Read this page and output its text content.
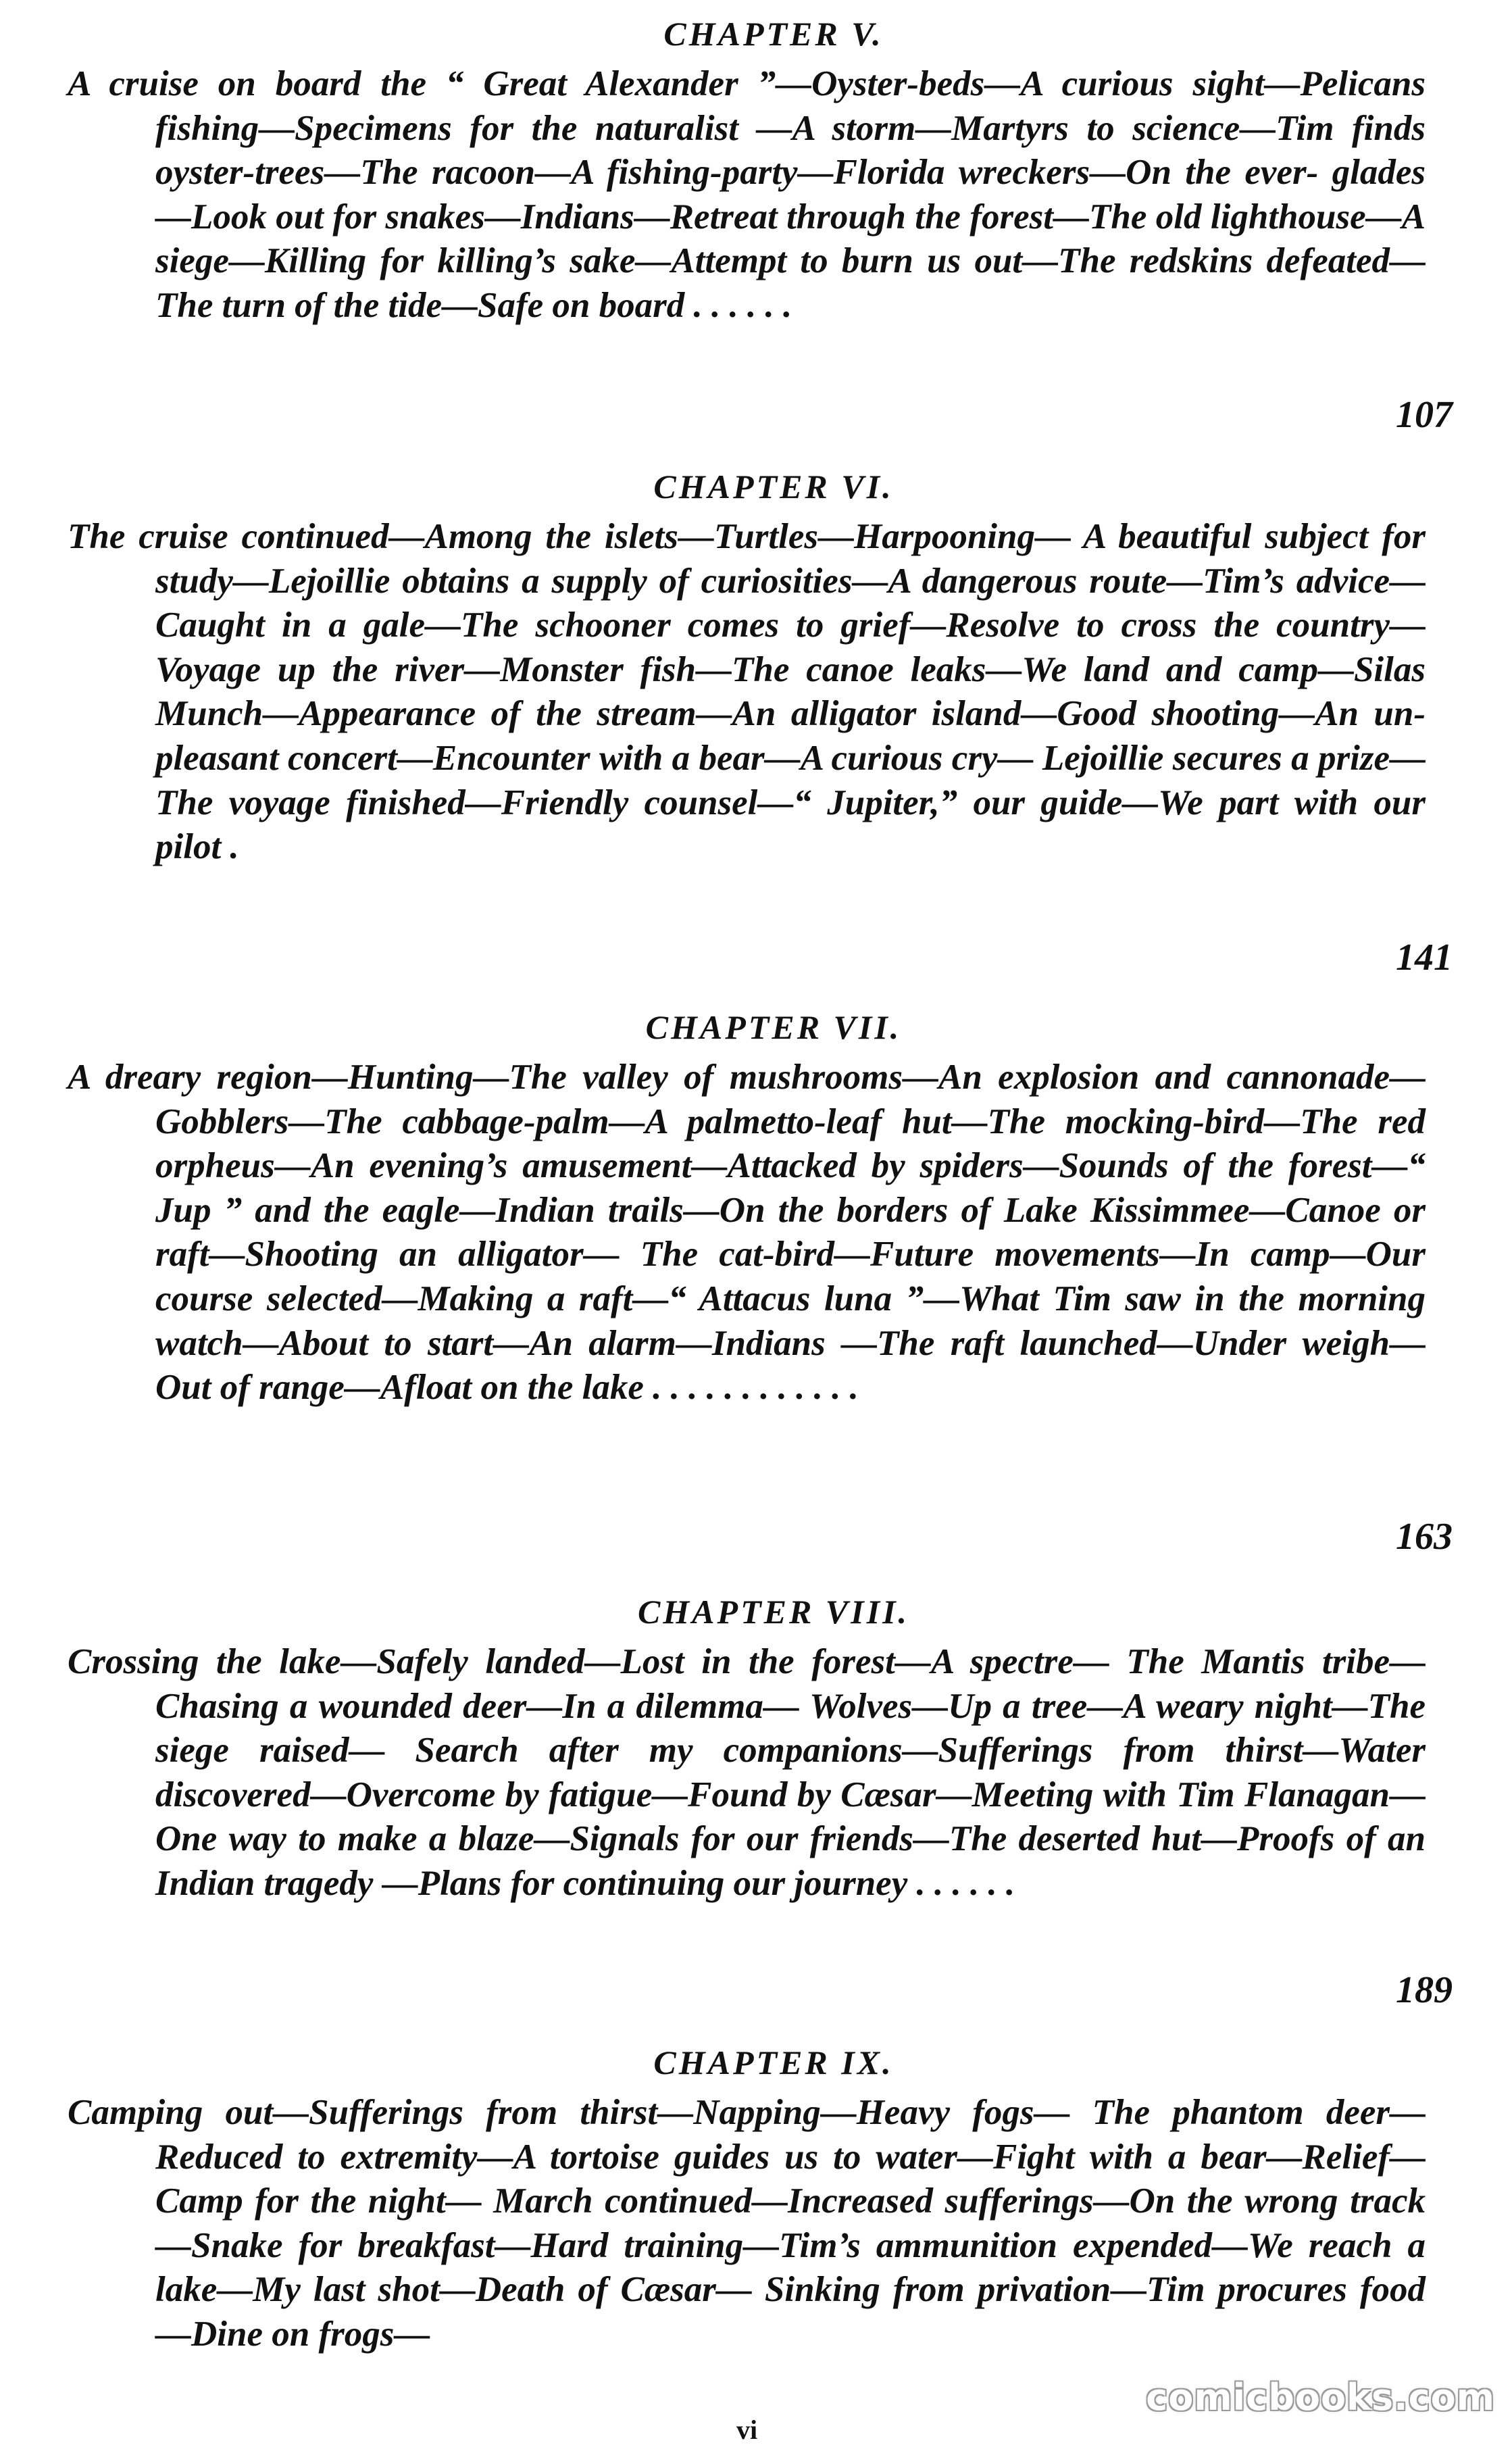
CHAPTER V.

A cruise on board the “ Great Alexander ”—Oyster-beds—A curious sight—Pelicans fishing—Specimens for the naturalist —A storm—Martyrs to science—Tim finds oyster-trees—The racoon—A fishing-party—Florida wreckers—On the ever- glades—Look out for snakes—Indians—Retreat through the forest—The old lighthouse—A siege—Killing for killing’s sake—Attempt to burn us out—The redskins defeated—The turn of the tide—Safe on board . . . . . .

107
CHAPTER VI.

The cruise continued—Among the islets—Turtles—Harpooning— A beautiful subject for study—Lejoillie obtains a supply of curiosities—A dangerous route—Tim’s advice—Caught in a gale—The schooner comes to grief—Resolve to cross the country—Voyage up the river—Monster fish—The canoe leaks—We land and camp—Silas Munch—Appearance of the stream—An alligator island—Good shooting—An un- pleasant concert—Encounter with a bear—A curious cry— Lejoillie secures a prize—The voyage finished—Friendly counsel—“ Jupiter,” our guide—We part with our pilot .

141
CHAPTER VII.

A dreary region—Hunting—The valley of mushrooms—An explosion and cannonade—Gobblers—The cabbage-palm—A palmetto-leaf hut—The mocking-bird—The red orpheus—An evening’s amusement—Attacked by spiders—Sounds of the forest—“ Jup ” and the eagle—Indian trails—On the borders of Lake Kissimmee—Canoe or raft—Shooting an alligator— The cat-bird—Future movements—In camp—Our course selected—Making a raft—“ Attacus luna ”—What Tim saw in the morning watch—About to start—An alarm—Indians —The raft launched—Under weigh—Out of range—Afloat on the lake . . . . . . . . . . . .

163
CHAPTER VIII.

Crossing the lake—Safely landed—Lost in the forest—A spectre— The Mantis tribe—Chasing a wounded deer—In a dilemma— Wolves—Up a tree—A weary night—The siege raised— Search after my companions—Sufferings from thirst—Water discovered—Overcome by fatigue—Found by Cæsar—Meeting with Tim Flanagan—One way to make a blaze—Signals for our friends—The deserted hut—Proofs of an Indian tragedy —Plans for continuing our journey . . . . . .

189
CHAPTER IX.

Camping out—Sufferings from thirst—Napping—Heavy fogs— The phantom deer—Reduced to extremity—A tortoise guides us to water—Fight with a bear—Relief—Camp for the night— March continued—Increased sufferings—On the wrong track —Snake for breakfast—Hard training—Tim’s ammunition expended—We reach a lake—My last shot—Death of Cæsar— Sinking from privation—Tim procures food—Dine on frogs—

vi
comicbooks.com
